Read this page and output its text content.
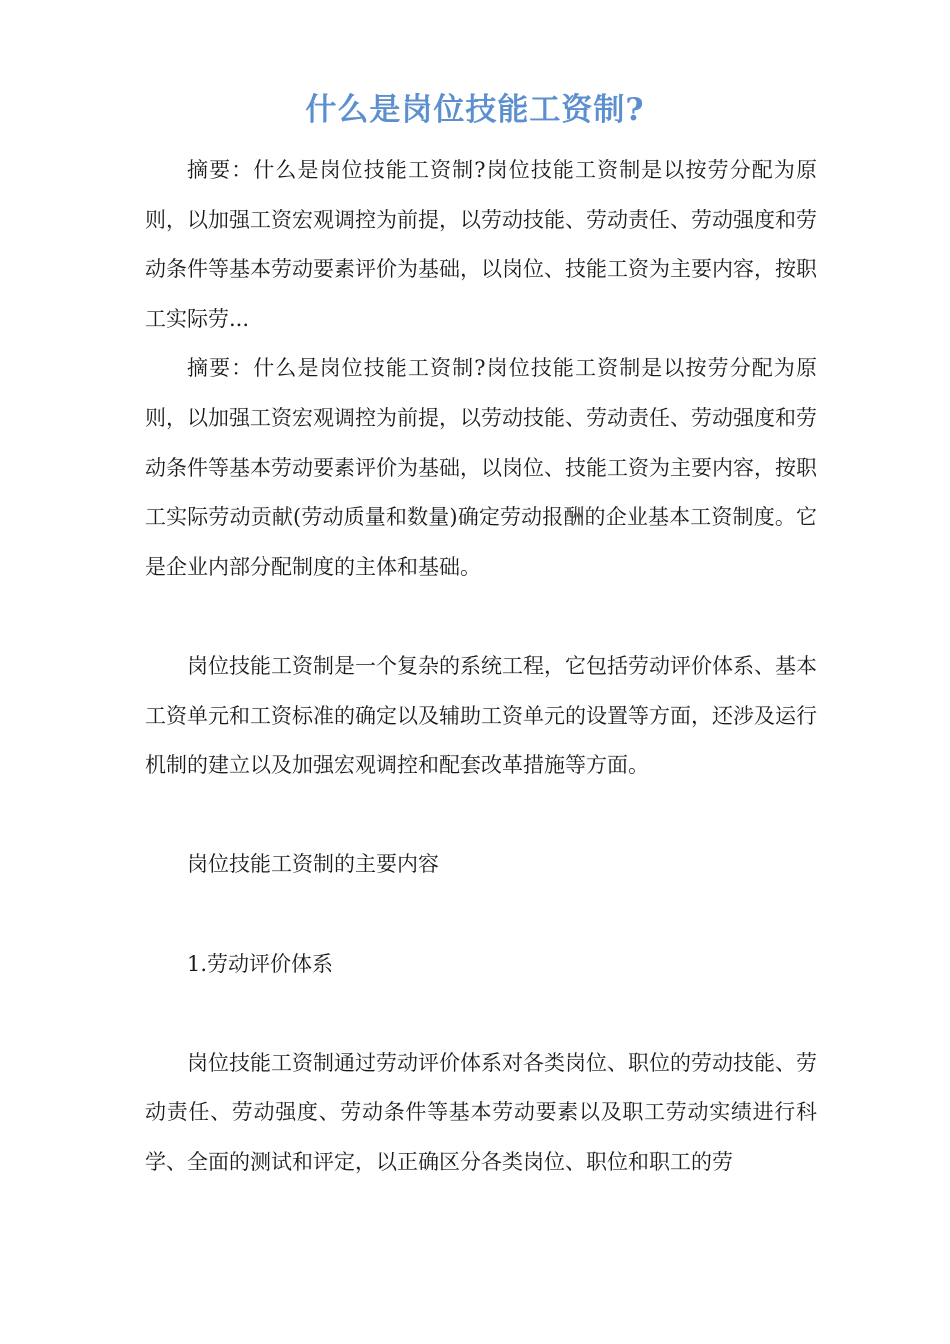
什么是岗位技能工资制?

摘要：什么是岗位技能工资制?岗位技能工资制是以按劳分配为原则，以加强工资宏观调控为前提，以劳动技能、劳动责任、劳动强度和劳动条件等基本劳动要素评价为基础，以岗位、技能工资为主要内容，按职工实际劳...

摘要：什么是岗位技能工资制?岗位技能工资制是以按劳分配为原则，以加强工资宏观调控为前提，以劳动技能、劳动责任、劳动强度和劳动条件等基本劳动要素评价为基础，以岗位、技能工资为主要内容，按职工实际劳动贡献(劳动质量和数量)确定劳动报酬的企业基本工资制度。它是企业内部分配制度的主体和基础。

岗位技能工资制是一个复杂的系统工程，它包括劳动评价体系、基本工资单元和工资标准的确定以及辅助工资单元的设置等方面，还涉及运行机制的建立以及加强宏观调控和配套改革措施等方面。

岗位技能工资制的主要内容

1.劳动评价体系

岗位技能工资制通过劳动评价体系对各类岗位、职位的劳动技能、劳动责任、劳动强度、劳动条件等基本劳动要素以及职工劳动实绩进行科学、全面的测试和评定，以正确区分各类岗位、职位和职工的劳
